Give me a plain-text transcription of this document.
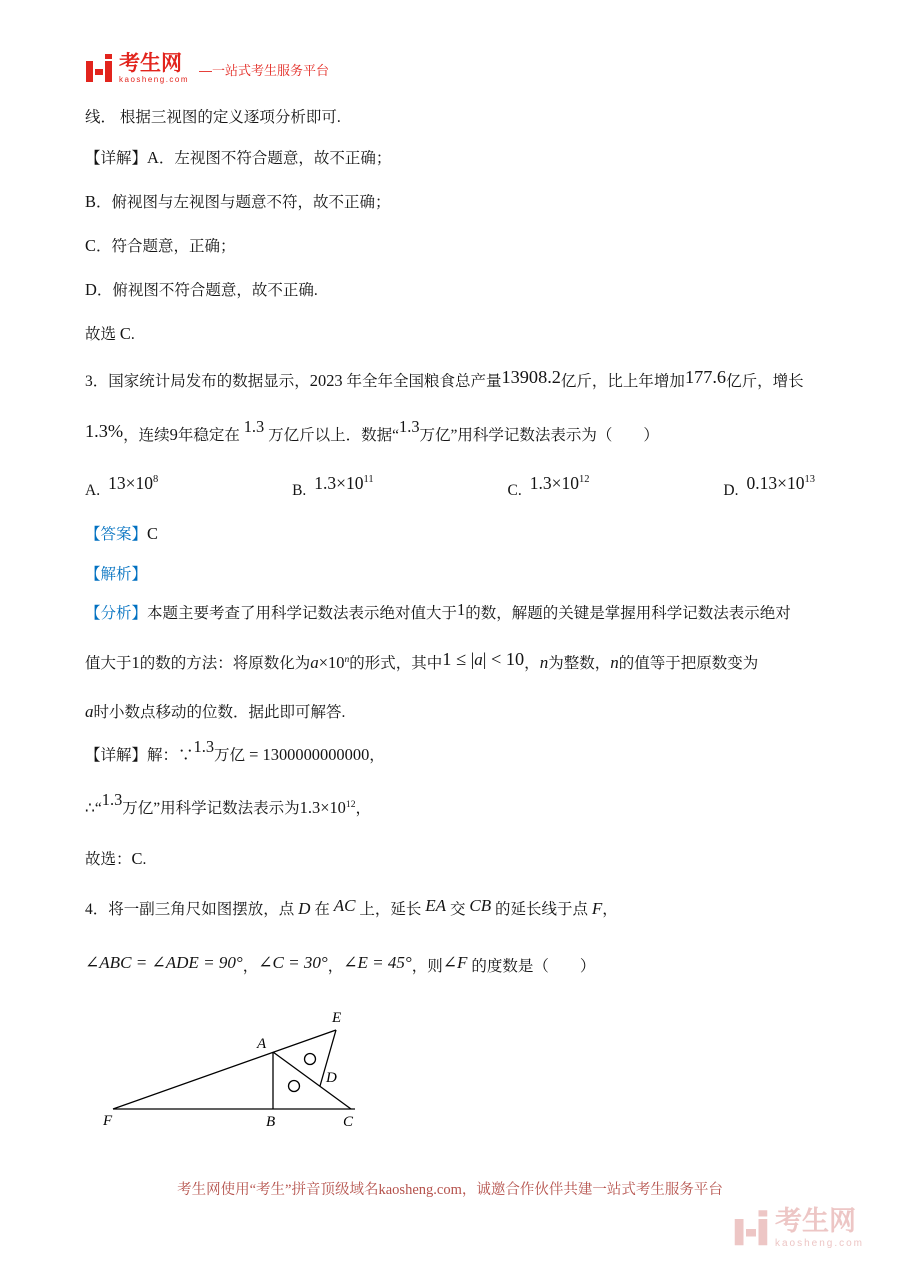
考生网
kaosheng.com
—一站式考生服务平台

线． 根据三视图的定义逐项分析即可.

【详解】A．左视图不符合题意，故不正确；

B．俯视图与左视图与题意不符，故不正确；

C．符合题意，正确；

D．俯视图不符合题意，故不正确.

故选 C.

3．国家统计局发布的数据显示，2023 年全年全国粮食总产量13908.2亿斤，比上年增加177.6亿斤，增长

1.3%，连续9年稳定在 1.3 万亿斤以上．数据“1.3万亿”用科学记数法表示为（　　）

A. $13\times 10^8$
B. $1.3\times 10^{11}$
C. $1.3\times 10^{12}$
D. $0.13\times 10^{13}$

【答案】C

【解析】

【分析】本题主要考查了用科学记数法表示绝对值大于1的数，解题的关键是掌握用科学记数法表示绝对

值大于1的数的方法：将原数化为$a\times 10^n$的形式，其中1 ≤ |a| < 10，n为整数，n的值等于把原数变为

a时小数点移动的位数．据此即可解答.

【详解】解：∵1.3万亿 = 1300000000000，

∴“1.3万亿”用科学记数法表示为$1.3\times 10^{12}$，

故选：C.

4．将一副三角尺如图摆放，点 D 在 AC 上，延长 EA 交 CB 的延长线于点 F，

∠ABC = ∠ADE = 90°，∠C = 30°，∠E = 45°，则∠F 的度数是（　　）

F	B	C
A
E
D
考生网使用“考生”拼音顶级域名kaosheng.com，诚邀合作伙伴共建一站式考生服务平台
考生网
kaosheng.com
